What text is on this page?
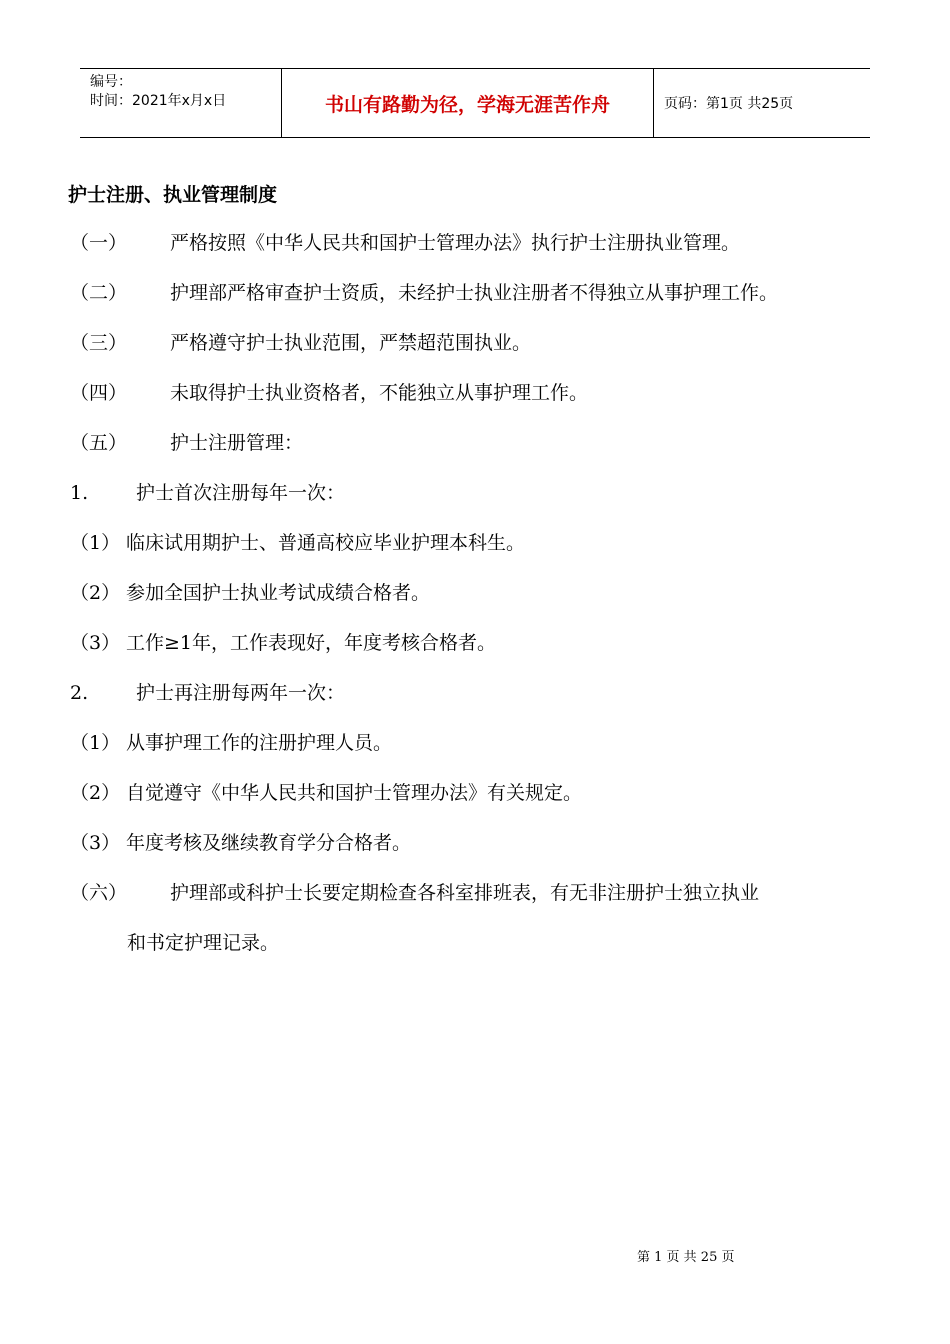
编号：
时间：2021年x月x日	书山有路勤为径，学海无涯苦作舟	页码：第1页 共25页
护士注册、执业管理制度
（一） 严格按照《中华人民共和国护士管理办法》执行护士注册执业管理。
（二） 护理部严格审查护士资质，未经护士执业注册者不得独立从事护理工作。
（三） 严格遵守护士执业范围，严禁超范围执业。
（四） 未取得护士执业资格者，不能独立从事护理工作。
（五） 护士注册管理：
1.	护士首次注册每年一次：
（1） 临床试用期护士、普通高校应毕业护理本科生。
（2） 参加全国护士执业考试成绩合格者。
（3） 工作≥1年，工作表现好，年度考核合格者。
2.	护士再注册每两年一次：
（1） 从事护理工作的注册护理人员。
（2） 自觉遵守《中华人民共和国护士管理办法》有关规定。
（3） 年度考核及继续教育学分合格者。
（六） 护理部或科护士长要定期检查各科室排班表，有无非注册护士独立执业
和书定护理记录。
第 1 页 共 25 页
